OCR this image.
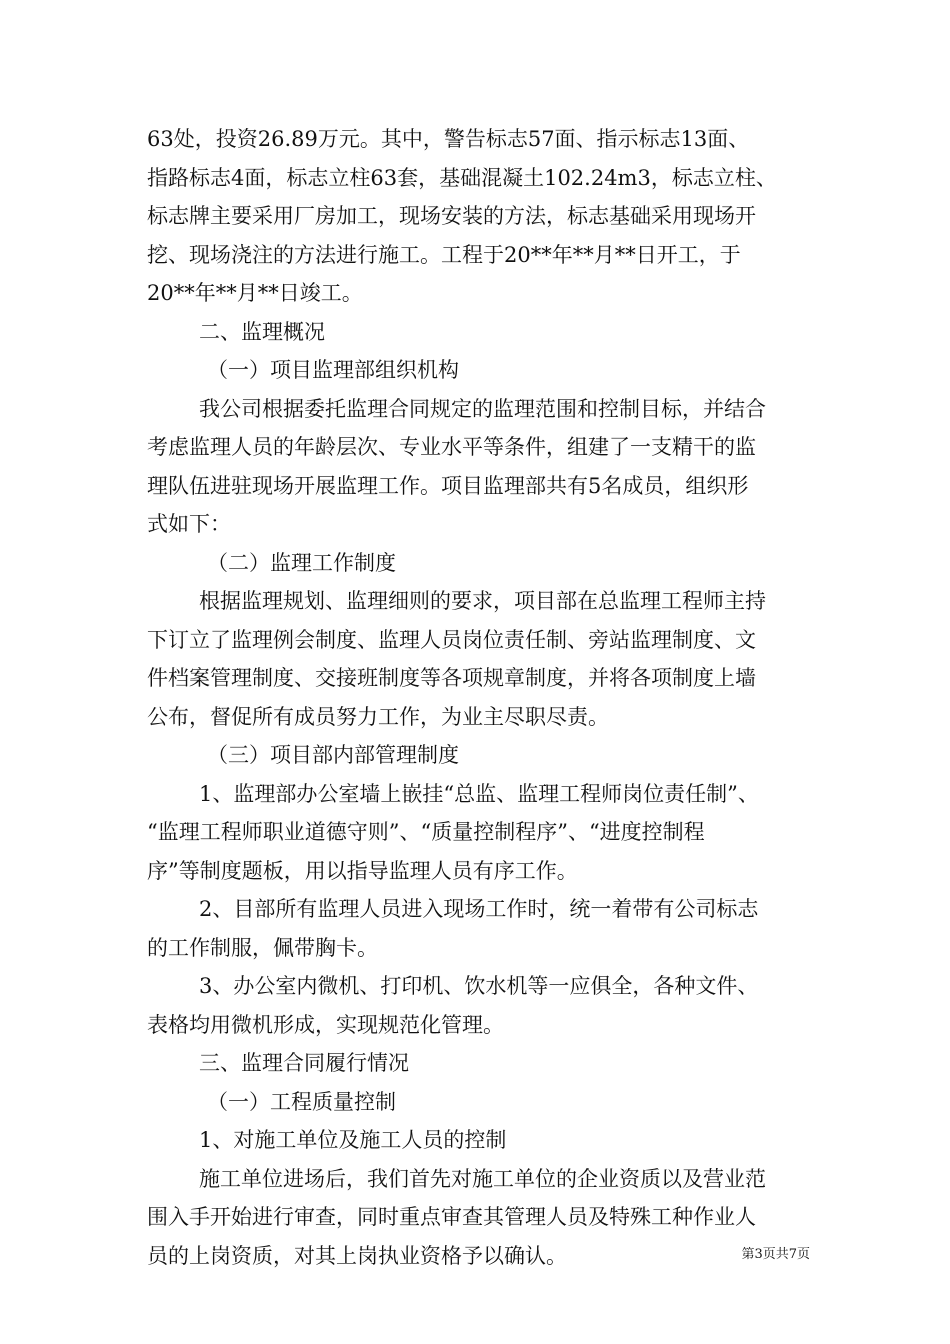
63处，投资26.89万元。其中，警告标志57面、指示标志13面、
指路标志4面，标志立柱63套，基础混凝土102.24m3，标志立柱、
标志牌主要采用厂房加工，现场安装的方法，标志基础采用现场开
挖、现场浇注的方法进行施工。工程于20**年**月**日开工，于
20**年**月**日竣工。
二、监理概况
（一）项目监理部组织机构
我公司根据委托监理合同规定的监理范围和控制目标，并结合
考虑监理人员的年龄层次、专业水平等条件，组建了一支精干的监
理队伍进驻现场开展监理工作。项目监理部共有5名成员，组织形
式如下：
（二）监理工作制度
根据监理规划、监理细则的要求，项目部在总监理工程师主持
下订立了监理例会制度、监理人员岗位责任制、旁站监理制度、文
件档案管理制度、交接班制度等各项规章制度，并将各项制度上墙
公布，督促所有成员努力工作，为业主尽职尽责。
（三）项目部内部管理制度
1、监理部办公室墙上嵌挂“总监、监理工程师岗位责任制”、
“监理工程师职业道德守则”、“质量控制程序”、“进度控制程
序”等制度题板，用以指导监理人员有序工作。
2、目部所有监理人员进入现场工作时，统一着带有公司标志
的工作制服，佩带胸卡。
3、办公室内微机、打印机、饮水机等一应俱全，各种文件、
表格均用微机形成，实现规范化管理。
三、监理合同履行情况
（一）工程质量控制
1、对施工单位及施工人员的控制
施工单位进场后，我们首先对施工单位的企业资质以及营业范
围入手开始进行审查，同时重点审查其管理人员及特殊工种作业人
员的上岗资质，对其上岗执业资格予以确认。	第3页共7页
